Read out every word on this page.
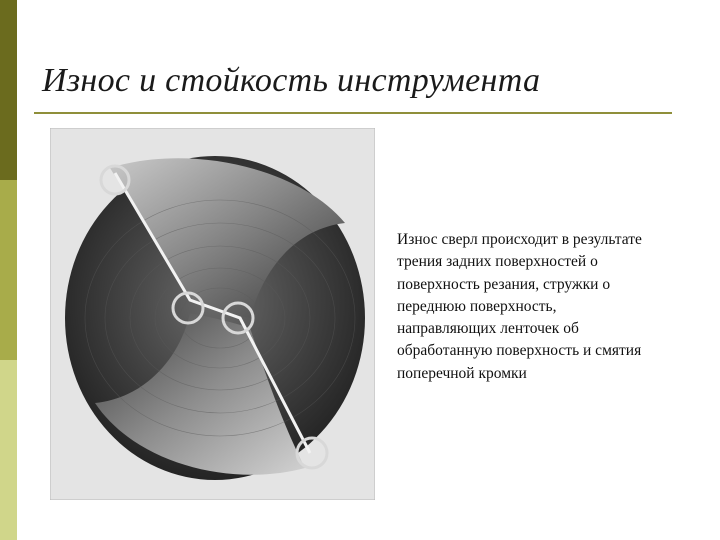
Износ и стойкость инструмента
Износ сверл происходит в результате
трения задних поверхностей о
поверхность резания, стружки о
переднюю поверхность,
направляющих ленточек об
обработанную поверхность и смятия
поперечной кромки
